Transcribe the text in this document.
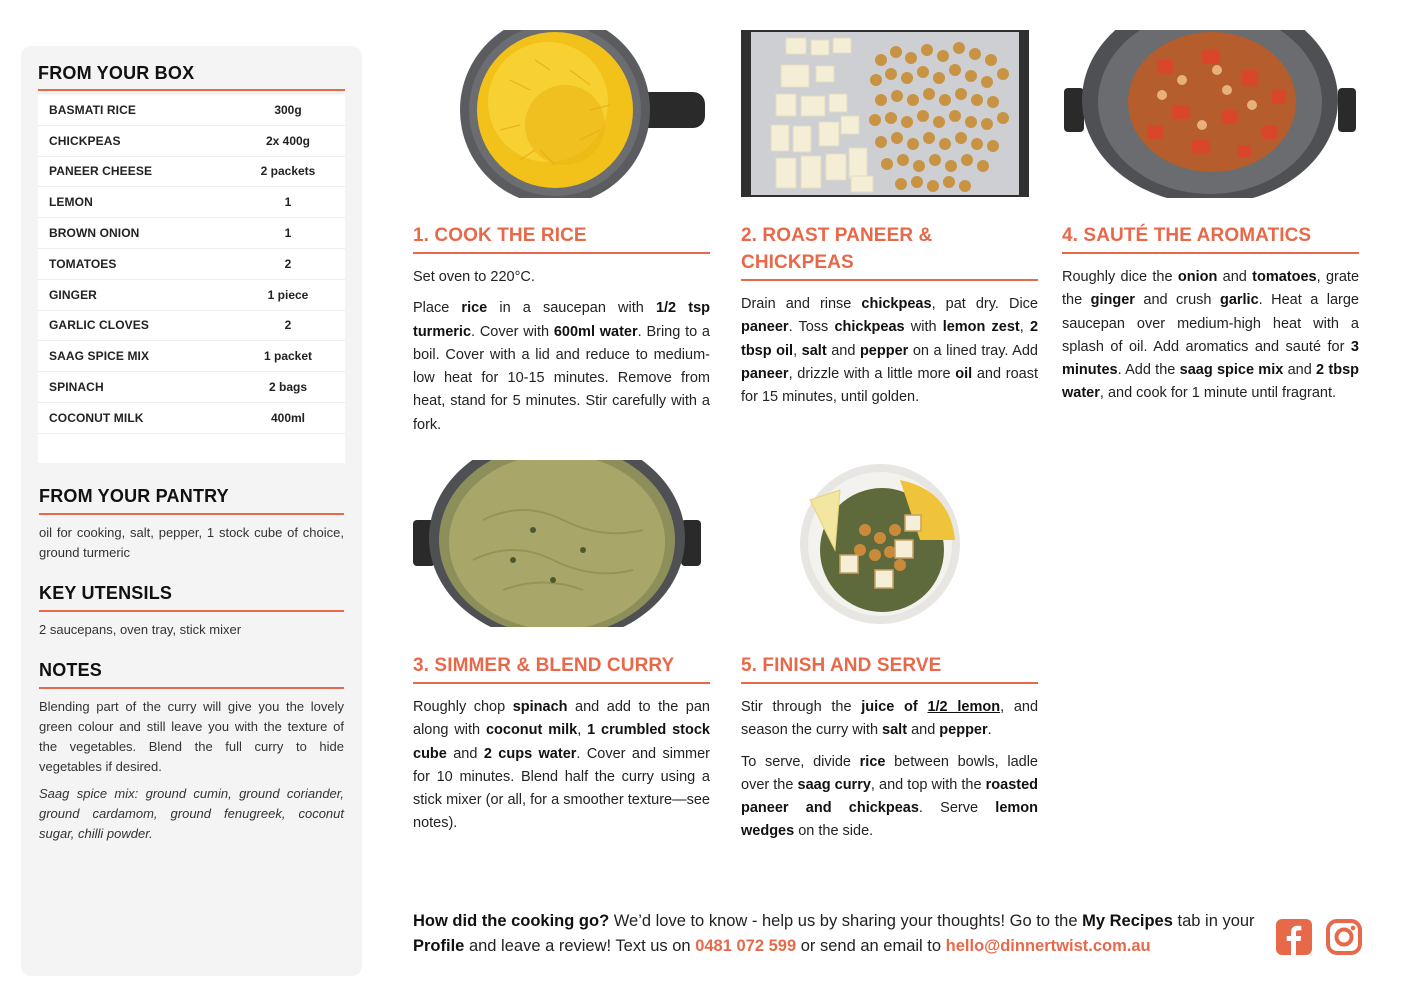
FROM YOUR BOX
BASMATI RICE	300g
CHICKPEAS	2x 400g
PANEER CHEESE	2 packets
LEMON	1
BROWN ONION	1
TOMATOES	2
GINGER	1 piece
GARLIC CLOVES	2
SAAG SPICE MIX	1 packet
SPINACH	2 bags
COCONUT MILK	400ml
FROM YOUR PANTRY
oil for cooking, salt, pepper, 1 stock cube of choice, ground turmeric
KEY UTENSILS
2 saucepans, oven tray, stick mixer
NOTES
Blending part of the curry will give you the lovely green colour and still leave you with the texture of the vegetables. Blend the full curry to hide vegetables if desired.
Saag spice mix: ground cumin, ground coriander, ground cardamom, ground fenugreek, coconut sugar, chilli powder.
1. COOK THE RICE

Set oven to 220°C.

Place rice in a saucepan with 1/2 tsp turmeric. Cover with 600ml water. Bring to a boil. Cover with a lid and reduce to medium-low heat for 10-15 minutes. Remove from heat, stand for 5 minutes. Stir carefully with a fork.

2. ROAST PANEER & CHICKPEAS

Drain and rinse chickpeas, pat dry. Dice paneer. Toss chickpeas with lemon zest, 2 tbsp oil, salt and pepper on a lined tray. Add paneer, drizzle with a little more oil and roast for 15 minutes, until golden.

4. SAUTÉ THE AROMATICS

Roughly dice the onion and tomatoes, grate the ginger and crush garlic. Heat a large saucepan over medium-high heat with a splash of oil. Add aromatics and sauté for 3 minutes. Add the saag spice mix and 2 tbsp water, and cook for 1 minute until fragrant.

3. SIMMER & BLEND CURRY

Roughly chop spinach and add to the pan along with coconut milk, 1 crumbled stock cube and 2 cups water. Cover and simmer for 10 minutes. Blend half the curry using a stick mixer (or all, for a smoother texture—see notes).

5. FINISH AND SERVE

Stir through the juice of 1/2 lemon, and season the curry with salt and pepper.

To serve, divide rice between bowls, ladle over the saag curry, and top with the roasted paneer and chickpeas. Serve lemon wedges on the side.

How did the cooking go? We’d love to know - help us by sharing your thoughts! Go to the My Recipes tab in your Profile and leave a review! Text us on 0481 072 599 or send an email to hello@dinnertwist.com.au
